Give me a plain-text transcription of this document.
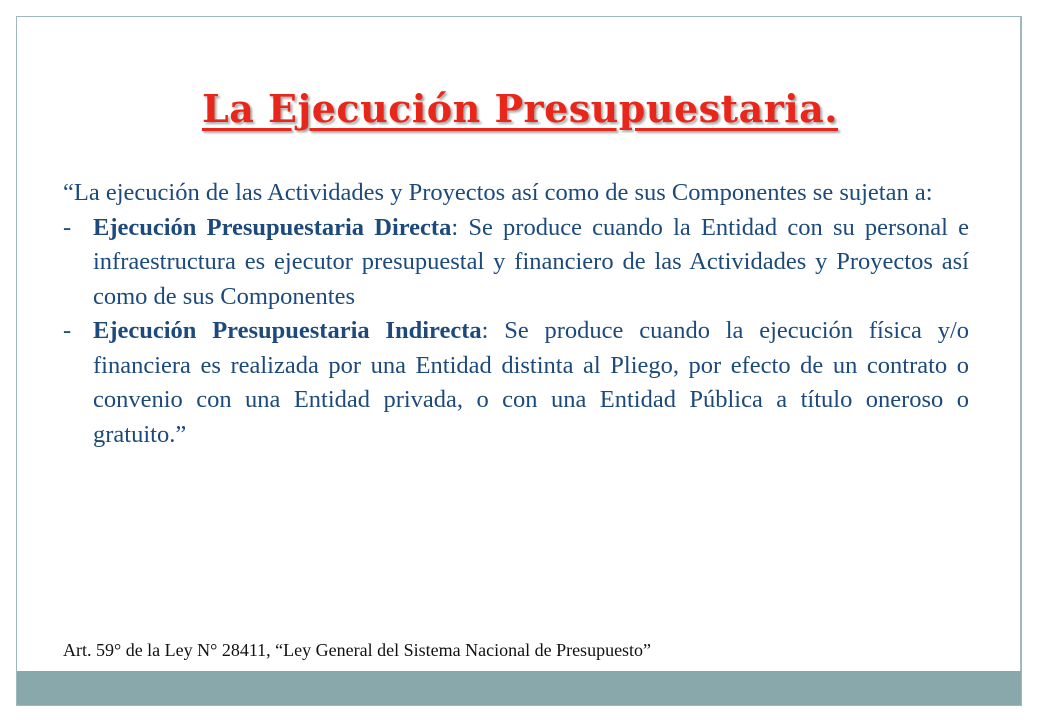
La Ejecución Presupuestaria.

“La ejecución de las Actividades y Proyectos así como de sus Componentes se sujetan a:

- Ejecución Presupuestaria Directa: Se produce cuando la Entidad con su personal e infraestructura es ejecutor presupuestal y financiero de las Actividades y Proyectos así como de sus Componentes

- Ejecución Presupuestaria Indirecta: Se produce cuando la ejecución física y/o financiera es realizada por una Entidad distinta al Pliego, por efecto de un contrato o convenio con una Entidad privada, o con una Entidad Pública a título oneroso o gratuito.”

Art. 59° de la Ley N° 28411, “Ley General del Sistema Nacional de Presupuesto”
